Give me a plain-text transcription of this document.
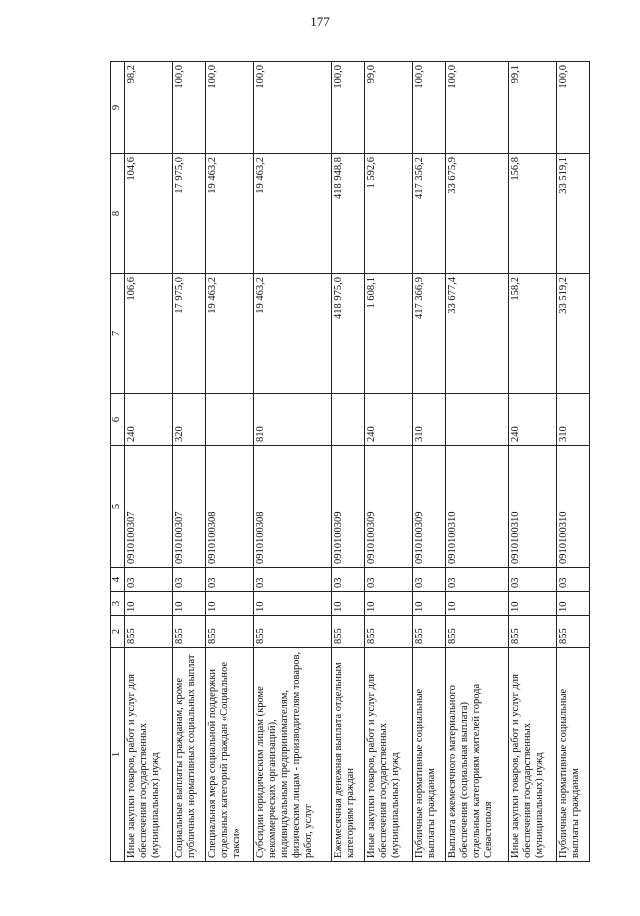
177
1	2	3	4	5	6	7	8	9
Иные закупки товаров, работ и услуг для обеспечения государственных (муниципальных) нужд	855	10	03	0910100307	240	106,6	104,6	98,2
Социальные выплаты гражданам, кроме публичных нормативных социальных выплат	855	10	03	0910100307	320	17 975,0	17 975,0	100,0
Специальная мера социальной поддержки отдельных категорий граждан «Социальное такси»	855	10	03	0910100308		19 463,2	19 463,2	100,0
Субсидии юридическим лицам (кроме некоммерческих организаций), индивидуальным предпринимателям, физическим лицам - производителям товаров, работ, услуг	855	10	03	0910100308	810	19 463,2	19 463,2	100,0
Ежемесячная денежная выплата отдельным категориям граждан	855	10	03	0910100309		418 975,0	418 948,8	100,0
Иные закупки товаров, работ и услуг для обеспечения государственных (муниципальных) нужд	855	10	03	0910100309	240	1 608,1	1 592,6	99,0
Публичные нормативные социальные выплаты гражданам	855	10	03	0910100309	310	417 366,9	417 356,2	100,0
Выплата ежемесячного материального обеспечения (социальная выплата) отдельным категориям жителей города Севастополя	855	10	03	0910100310		33 677,4	33 675,9	100,0
Иные закупки товаров, работ и услуг для обеспечения государственных (муниципальных) нужд	855	10	03	0910100310	240	158,2	156,8	99,1
Публичные нормативные социальные выплаты гражданам	855	10	03	0910100310	310	33 519,2	33 519,1	100,0
